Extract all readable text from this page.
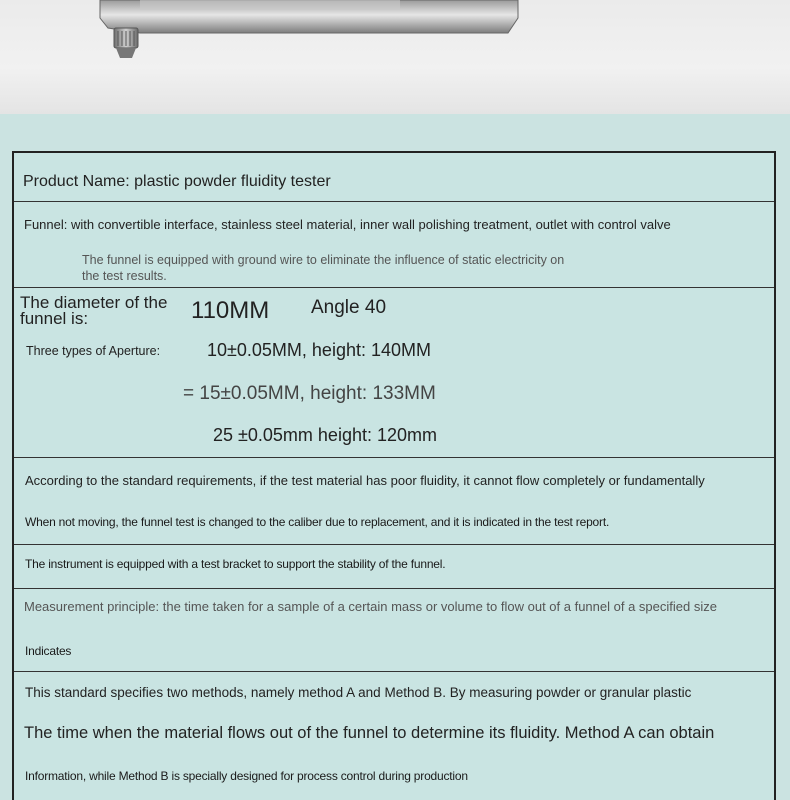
Product Name: plastic powder fluidity tester
Funnel: with convertible interface, stainless steel material, inner wall polishing treatment, outlet with control valve
The funnel is equipped with ground wire to eliminate the influence of static electricity on
the test results.
The diameter of the
funnel is:	110MM Angle 40
Three types of Aperture:	10±0.05MM, height: 140MM
= 15±0.05MM, height: 133MM
25 ±0.05mm height: 120mm
According to the standard requirements, if the test material has poor fluidity, it cannot flow completely or fundamentally
When not moving, the funnel test is changed to the caliber due to replacement, and it is indicated in the test report.
The instrument is equipped with a test bracket to support the stability of the funnel.
Measurement principle: the time taken for a sample of a certain mass or volume to flow out of a funnel of a specified size
Indicates
This standard specifies two methods, namely method A and Method B. By measuring powder or granular plastic
The time when the material flows out of the funnel to determine its fluidity. Method A can obtain
Information, while Method B is specially designed for process control during production
